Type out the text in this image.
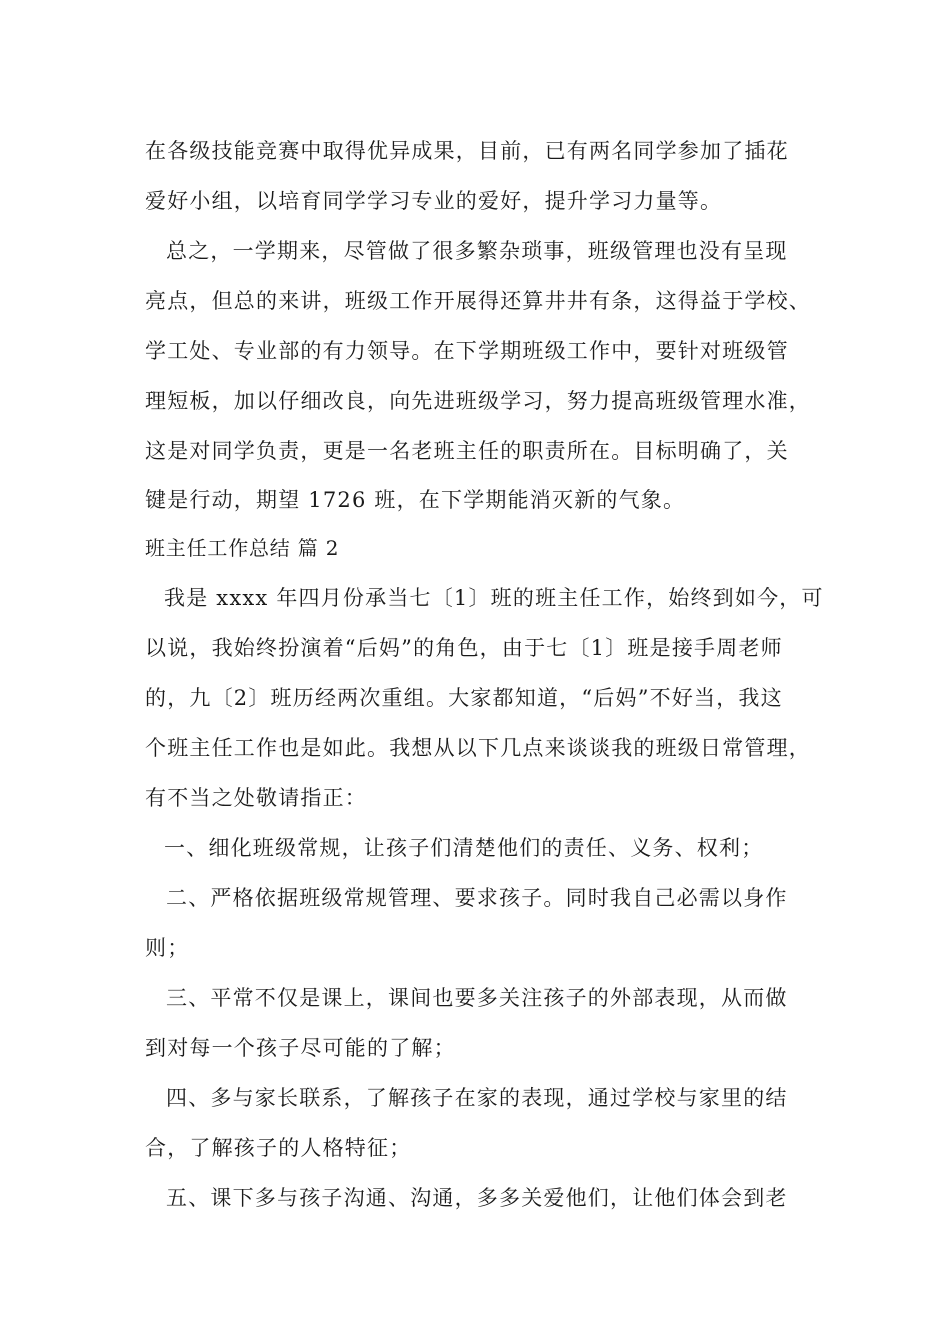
在各级技能竞赛中取得优异成果，目前，已有两名同学参加了插花
爱好小组，以培育同学学习专业的爱好，提升学习力量等。
总之，一学期来，尽管做了很多繁杂琐事，班级管理也没有呈现
亮点，但总的来讲，班级工作开展得还算井井有条，这得益于学校、
学工处、专业部的有力领导。在下学期班级工作中，要针对班级管
理短板，加以仔细改良，向先进班级学习，努力提高班级管理水准，
这是对同学负责，更是一名老班主任的职责所在。目标明确了，关
键是行动，期望 1726 班，在下学期能消灭新的气象。
班主任工作总结 篇 2
我是 xxxx 年四月份承当七〔1〕班的班主任工作，始终到如今，可
以说，我始终扮演着“后妈”的角色，由于七〔1〕班是接手周老师
的，九〔2〕班历经两次重组。大家都知道，“后妈”不好当，我这
个班主任工作也是如此。我想从以下几点来谈谈我的班级日常管理，
有不当之处敬请指正：
一、细化班级常规，让孩子们清楚他们的责任、义务、权利；
二、严格依据班级常规管理、要求孩子。同时我自己必需以身作
则；
三、平常不仅是课上，课间也要多关注孩子的外部表现，从而做
到对每一个孩子尽可能的了解；
四、多与家长联系，了解孩子在家的表现，通过学校与家里的结
合，了解孩子的人格特征；
五、课下多与孩子沟通、沟通，多多关爱他们，让他们体会到老
